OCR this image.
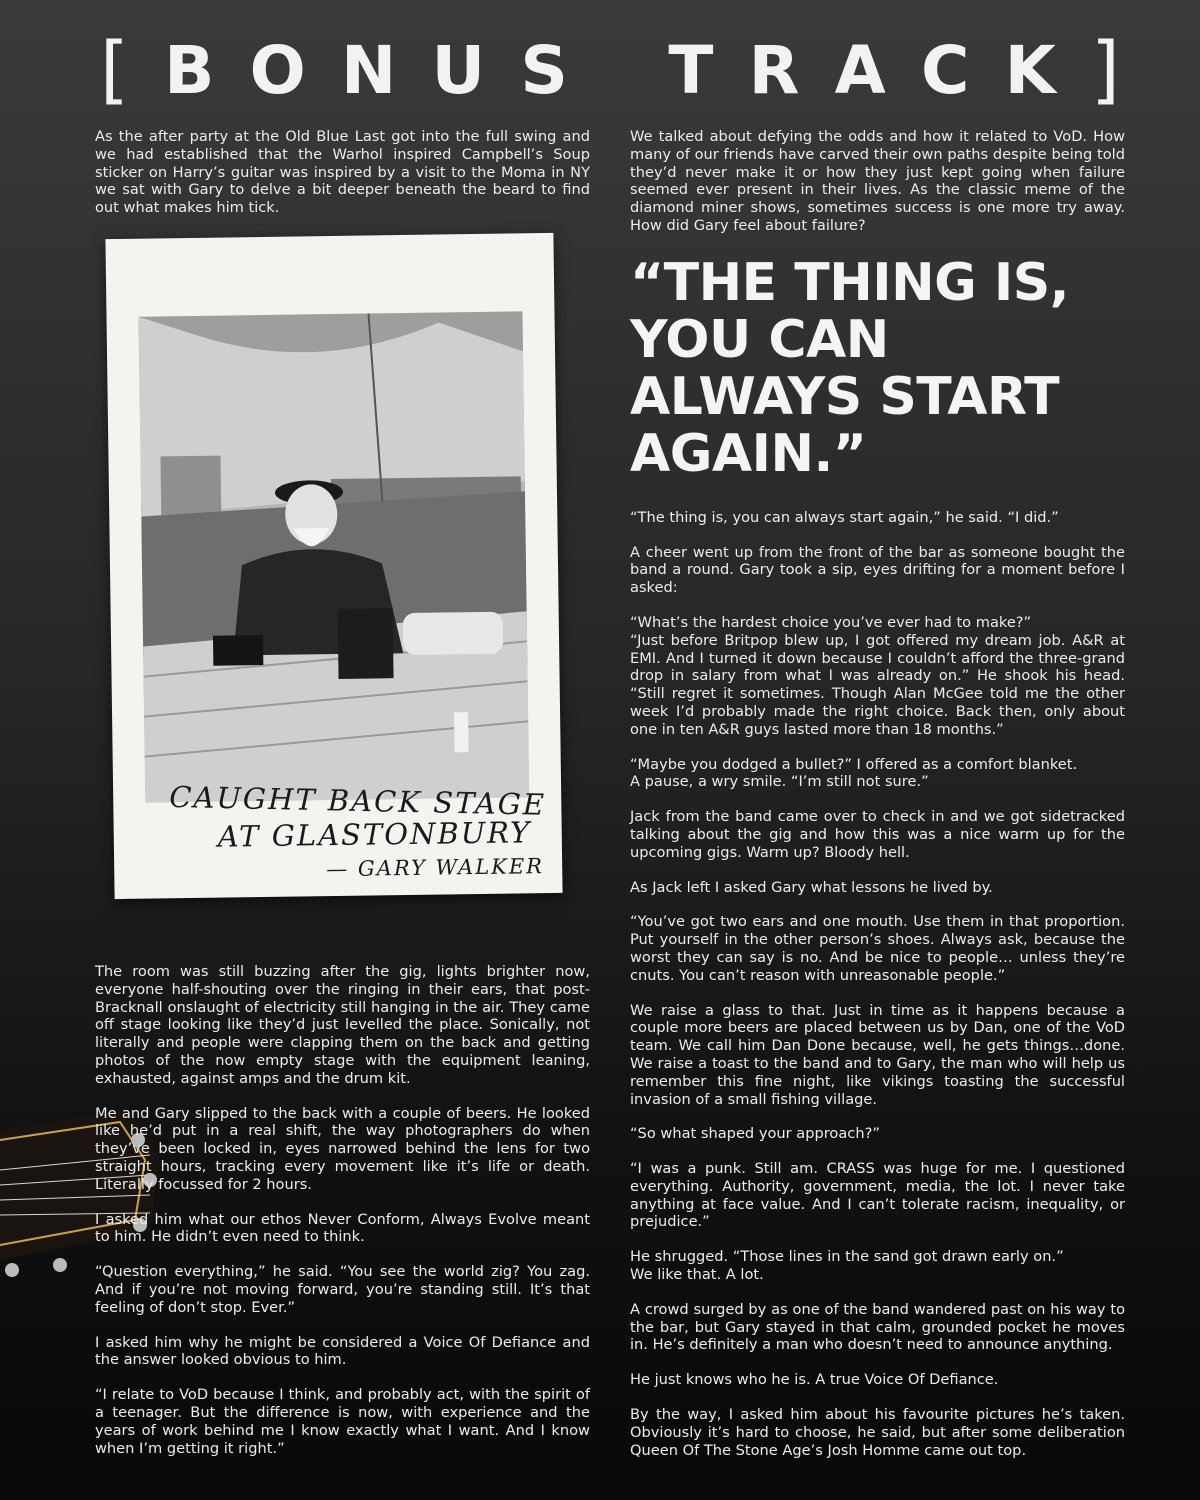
[ B O N U S T R A C K ]

As the after party at the Old Blue Last got into the full swing and we had established that the Warhol inspired Campbell’s Soup sticker on Harry’s guitar was inspired by a visit to the Moma in NY we sat with Gary to delve a bit deeper beneath the beard to find out what makes him tick.

CAUGHT BACK STAGE
AT GLASTONBURY
— GARY WALKER

The room was still buzzing after the gig, lights brighter now, everyone half-shouting over the ringing in their ears, that post-Bracknall onslaught of electricity still hanging in the air. They came off stage looking like they’d just levelled the place. Sonically, not literally and people were clapping them on the back and getting photos of the now empty stage with the equipment leaning, exhausted, against amps and the drum kit.

Me and Gary slipped to the back with a couple of beers. He looked like he’d put in a real shift, the way photographers do when they’ve been locked in, eyes narrowed behind the lens for two straight hours, tracking every movement like it’s life or death. Literally focussed for 2 hours.

I asked him what our ethos Never Conform, Always Evolve meant to him. He didn’t even need to think.

“Question everything,” he said. “You see the world zig? You zag. And if you’re not moving forward, you’re standing still. It’s that feeling of don’t stop. Ever.”

I asked him why he might be considered a Voice Of Defiance and the answer looked obvious to him.

“I relate to VoD because I think, and probably act, with the spirit of a teenager. But the difference is now, with experience and the years of work behind me I know exactly what I want. And I know when I’m getting it right.”

We talked about defying the odds and how it related to VoD. How many of our friends have carved their own paths despite being told they’d never make it or how they just kept going when failure seemed ever present in their lives. As the classic meme of the diamond miner shows, sometimes success is one more try away. How did Gary feel about failure?

“THE THING IS, YOU CAN ALWAYS START AGAIN.”

“The thing is, you can always start again,” he said. “I did.”

A cheer went up from the front of the bar as someone bought the band a round. Gary took a sip, eyes drifting for a moment before I asked:

“What’s the hardest choice you’ve ever had to make?”

“Just before Britpop blew up, I got offered my dream job. A&R at EMI. And I turned it down because I couldn’t afford the three-grand drop in salary from what I was already on.” He shook his head. “Still regret it sometimes. Though Alan McGee told me the other week I’d probably made the right choice. Back then, only about one in ten A&R guys lasted more than 18 months.”

“Maybe you dodged a bullet?” I offered as a comfort blanket.

A pause, a wry smile. “I’m still not sure.”

Jack from the band came over to check in and we got sidetracked talking about the gig and how this was a nice warm up for the upcoming gigs. Warm up? Bloody hell.

As Jack left I asked Gary what lessons he lived by.

“You’ve got two ears and one mouth. Use them in that proportion. Put yourself in the other person’s shoes. Always ask, because the worst they can say is no. And be nice to people… unless they’re cnuts. You can’t reason with unreasonable people.”

We raise a glass to that. Just in time as it happens because a couple more beers are placed between us by Dan, one of the VoD team. We call him Dan Done because, well, he gets things…done. We raise a toast to the band and to Gary, the man who will help us remember this fine night, like vikings toasting the successful invasion of a small fishing village.

“So what shaped your approach?”

“I was a punk. Still am. CRASS was huge for me. I questioned everything. Authority, government, media, the lot. I never take anything at face value. And I can’t tolerate racism, inequality, or prejudice.”

He shrugged. “Those lines in the sand got drawn early on.”

We like that. A lot.

A crowd surged by as one of the band wandered past on his way to the bar, but Gary stayed in that calm, grounded pocket he moves in. He’s definitely a man who doesn’t need to announce anything.

He just knows who he is. A true Voice Of Defiance.

By the way, I asked him about his favourite pictures he’s taken. Obviously it’s hard to choose, he said, but after some deliberation Queen Of The Stone Age’s Josh Homme came out top.
